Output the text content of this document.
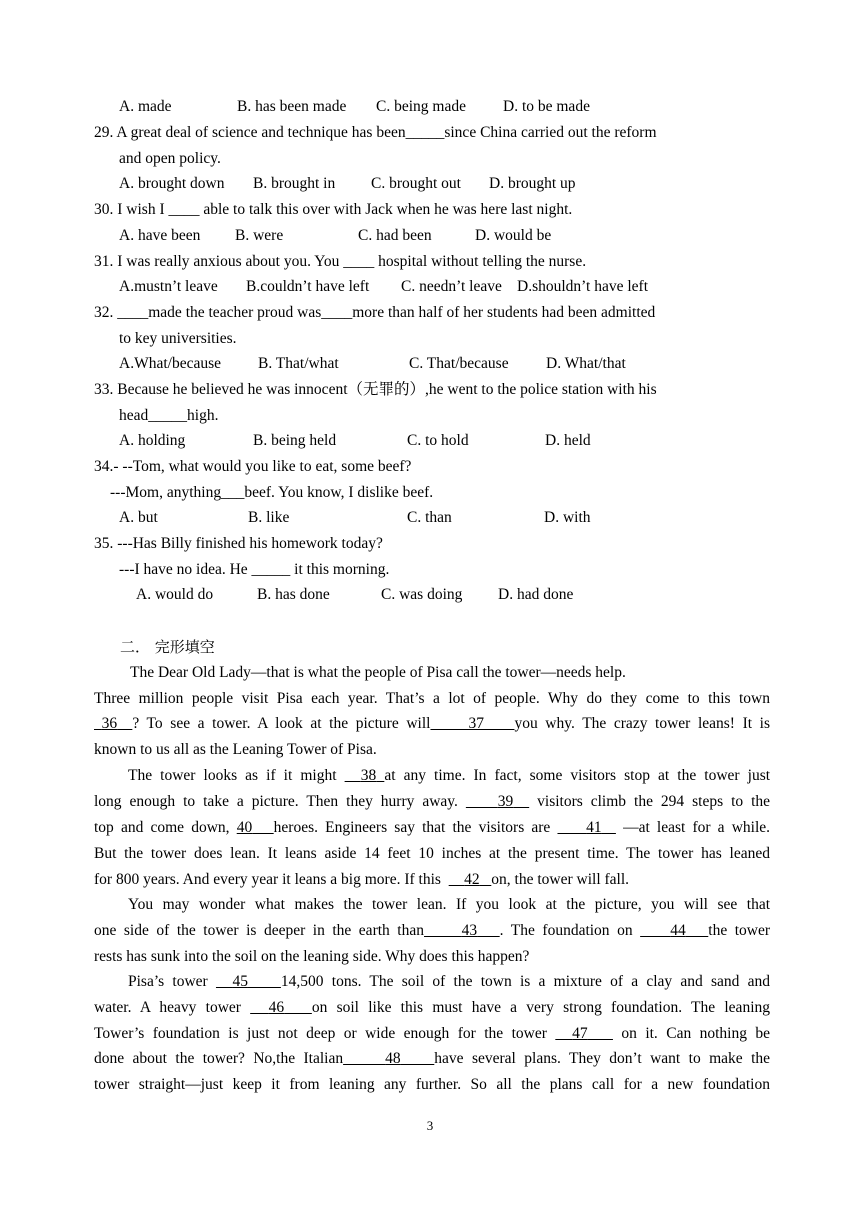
A. made	B. has been made C. being made D. to be made
29. A great deal of science and technique has been_____since China carried out the reform
and open policy.
A. brought down B. brought in C. brought out D. brought up
30. I wish I ____ able to talk this over with Jack when he was here last night.
A. have been B. were	C. had been	D. would be
31. I was really anxious about you. You ____ hospital without telling the nurse.
A.mustn’t leave B.couldn’t have left C. needn’t leave D.shouldn’t have left
32. ____made the teacher proud was____more than half of her students had been admitted
to key universities.
A.What/because B. That/what	C. That/because D. What/that
33. Because he believed he was innocent（无罪的）,he went to the police station with his
head_____high.
A. holding	B. being held	C. to hold	D. held
34.- --Tom, what would you like to eat, some beef?
---Mom, anything___beef. You know, I dislike beef.
A. but	B. like	C. than	D. with
35. ---Has Billy finished his homework today?
---I have no idea. He _____ it this morning.
A. would do	B. has done	C. was doing D. had done
二． 完形填空
The Dear Old Lady—that is what the people of Pisa call the tower—needs help.
Three million people visit Pisa each year. That’s a lot of people. Why do they come to this town
36 ? To see a tower. A look at the picture will 37 you why. The crazy tower leans! It is
known to us all as the Leaning Tower of Pisa.
The tower looks as if it might 38 at any time. In fact, some visitors stop at the tower just
long enough to take a picture. Then they hurry away.	39 visitors climb the 294 steps to the
top and come down, 40 heroes. Engineers say that the visitors are 41 —at least for a while.
But the tower does lean. It leans aside 14 feet 10 inches at the present time. The tower has leaned
for 800 years. And every year it leans a big more. If this 42 on, the tower will fall.
You may wonder what makes the tower lean. If you look at the picture, you will see that
one side of the tower is deeper in the earth than 43 . The foundation on 44 the tower
rests has sunk into the soil on the leaning side. Why does this happen?
Pisa’s tower 45 14,500 tons. The soil of the town is a mixture of a clay and sand and
water. A heavy tower 46 on soil like this must have a very strong foundation. The leaning
Tower’s foundation is just not deep or wide enough for the tower 47 on it. Can nothing be
done about the tower? No,the Italian	48 have several plans. They don’t want to make the
tower straight—just keep it from leaning any further. So all the plans call for a new foundation
3
